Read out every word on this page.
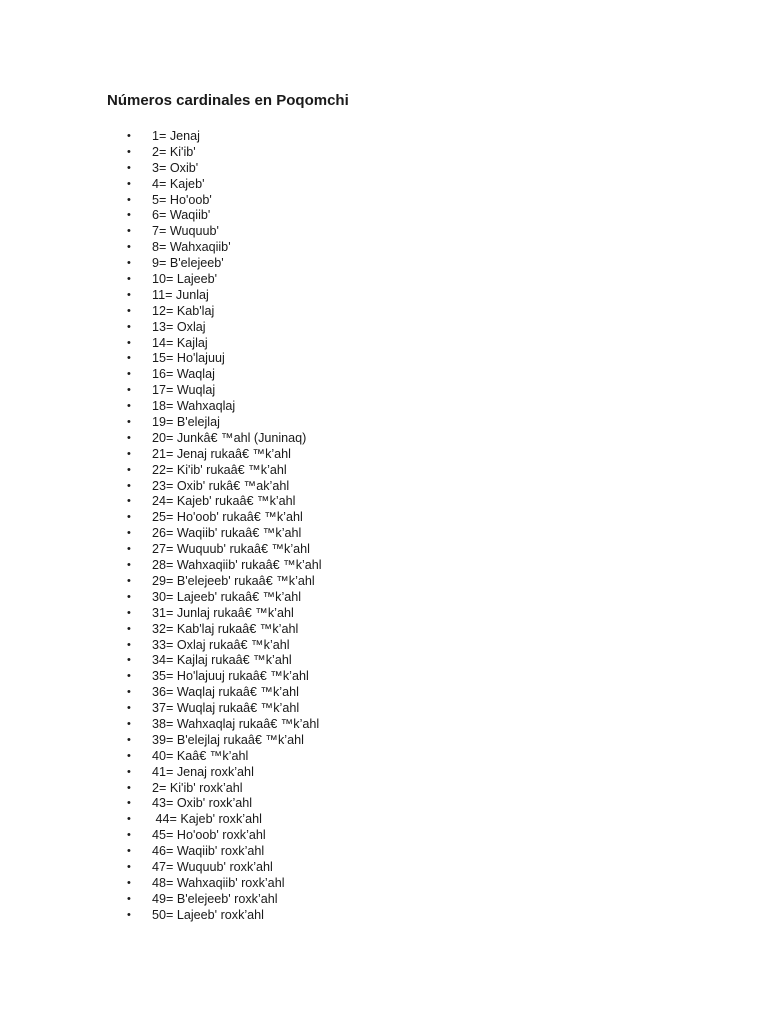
Números cardinales en Poqomchi
• 1= Jenaj
• 2= Ki'ib'
• 3= Oxib'
• 4= Kajeb'
• 5= Ho'oob'
• 6= Waqiib'
• 7= Wuquub'
• 8= Wahxaqiib'
• 9= B'elejeeb'
• 10= Lajeeb'
• 11= Junlaj
• 12= Kab'laj
• 13= Oxlaj
• 14= Kajlaj
• 15= Ho'lajuuj
• 16= Waqlaj
• 17= Wuqlaj
• 18= Wahxaqlaj
• 19= B'elejlaj
• 20= Junkâ€ ™ahl (Juninaq)
• 21= Jenaj rukaâ€ ™k’ahl
• 22= Ki'ib' rukaâ€ ™k’ahl
• 23= Oxib' rukâ€ ™ak’ahl
• 24= Kajeb' rukaâ€ ™k’ahl
• 25= Ho'oob' rukaâ€ ™k’ahl
• 26= Waqiib' rukaâ€ ™k’ahl
• 27= Wuquub' rukaâ€ ™k’ahl
• 28= Wahxaqiib' rukaâ€ ™k’ahl
• 29= B'elejeeb' rukaâ€ ™k’ahl
• 30= Lajeeb' rukaâ€ ™k’ahl
• 31= Junlaj rukaâ€ ™k’ahl
• 32= Kab'laj rukaâ€ ™k’ahl
• 33= Oxlaj rukaâ€ ™k’ahl
• 34= Kajlaj rukaâ€ ™k’ahl
• 35= Ho'lajuuj rukaâ€ ™k’ahl
• 36= Waqlaj rukaâ€ ™k’ahl
• 37= Wuqlaj rukaâ€ ™k’ahl
• 38= Wahxaqlaj rukaâ€ ™k’ahl
• 39= B'elejlaj rukaâ€ ™k’ahl
• 40= Kaâ€ ™k’ahl
• 41= Jenaj roxk’ahl
• 2= Ki'ib' roxk’ahl
• 43= Oxib' roxk’ahl
• 44= Kajeb' roxk’ahl
• 45= Ho'oob' roxk’ahl
• 46= Waqiib' roxk’ahl
• 47= Wuquub' roxk’ahl
• 48= Wahxaqiib' roxk’ahl
• 49= B'elejeeb' roxk’ahl
• 50= Lajeeb' roxk’ahl
